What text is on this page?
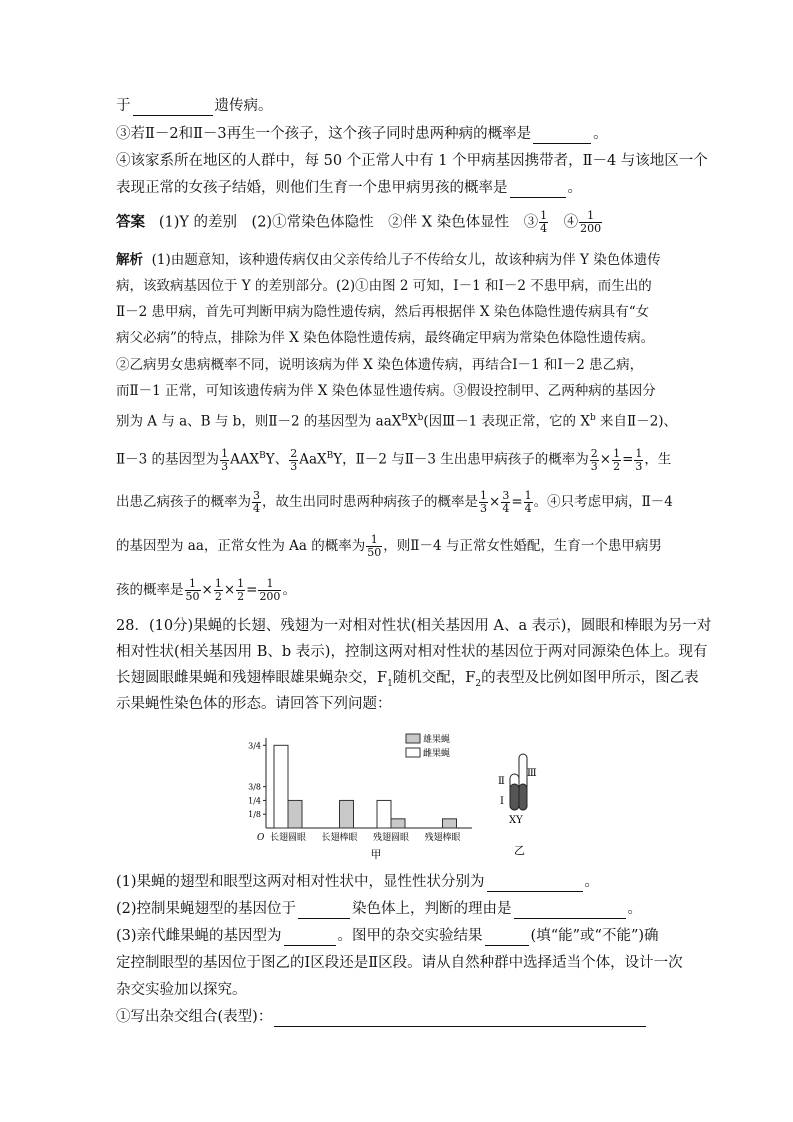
于	遗传病。
③若Ⅱ－2和Ⅱ－3再生一个孩子，这个孩子同时患两种病的概率是	。
④该家系所在地区的人群中，每 50 个正常人中有 1 个甲病基因携带者，Ⅱ－4 与该地区一个
表现正常的女孩子结婚，则他们生育一个患甲病男孩的概率是	。
答案 (1)Y 的差别　(2)①常染色体隐性　②伴 X 染色体显性　③ $\frac{1}{4}$ 　④ $\frac{1}{200}$
解析 (1)由题意知，该种遗传病仅由父亲传给儿子不传给女儿，故该种病为伴 Y 染色体遗传
病，该致病基因位于 Y 的差别部分。(2)①由图 2 可知，Ⅰ－1 和Ⅰ－2 不患甲病，而生出的
Ⅱ－2 患甲病，首先可判断甲病为隐性遗传病，然后再根据伴 X 染色体隐性遗传病具有“女
病父必病”的特点，排除为伴 X 染色体隐性遗传病，最终确定甲病为常染色体隐性遗传病。
②乙病男女患病概率不同，说明该病为伴 X 染色体遗传病，再结合Ⅰ－1 和Ⅰ－2 患乙病，
而Ⅱ－1 正常，可知该遗传病为伴 X 染色体显性遗传病。③假设控制甲、乙两种病的基因分
别为 A 与 a、B 与 b，则Ⅱ－2 的基因型为 $aaX^BX^b$(因Ⅲ－1 表现正常，它的 $X^b$ 来自Ⅱ－2)、
Ⅱ－3 的基因型为 $\frac{1}{3} AAX^BY$、 $\frac{2}{3} AaX^BY$，Ⅱ－2 与Ⅱ－3 生出患甲病孩子的概率为 $\frac{2}{3} \times \frac{1}{2} = \frac{1}{3}$ ，生
出患乙病孩子的概率为 $\frac{3}{4}$ ，故生出同时患两种病孩子的概率是 $\frac{1}{3} \times \frac{3}{4} = \frac{1}{4}$ 。④只考虑甲病，Ⅱ－4
的基因型为 aa，正常女性为 Aa 的概率为 $\frac{1}{50}$ ，则Ⅱ－4 与正常女性婚配，生育一个患甲病男
孩的概率是 $\frac{1}{50} \times \frac{1}{2} \times \frac{1}{2} = \frac{1}{200}$ 。
28．(10分)果蝇的长翅、残翅为一对相对性状(相关基因用 A、a 表示)，圆眼和棒眼为另一对
相对性状(相关基因用 B、b 表示)，控制这两对相对性状的基因位于两对同源染色体上。现有
长翅圆眼雌果蝇和残翅棒眼雄果蝇杂交，$F_1$随机交配，$F_2$的表型及比例如图甲所示，图乙表
示果蝇性染色体的形态。请回答下列问题：
O
1/8
1/4
3/8
3/4
长翅圆眼 长翅棒眼 残翅圆眼 残翅棒眼
雄果蝇
雌果蝇
甲
Ⅱ
Ⅰ
Ⅲ
XY
乙
(1)果蝇的翅型和眼型这两对相对性状中，显性性状分别为	。
(2)控制果蝇翅型的基因位于	染色体上，判断的理由是	。
(3)亲代雌果蝇的基因型为	。图甲的杂交实验结果	(填“能”或“不能”)确
定控制眼型的基因位于图乙的Ⅰ区段还是Ⅱ区段。请从自然种群中选择适当个体，设计一次
杂交实验加以探究。
①写出杂交组合(表型)：
